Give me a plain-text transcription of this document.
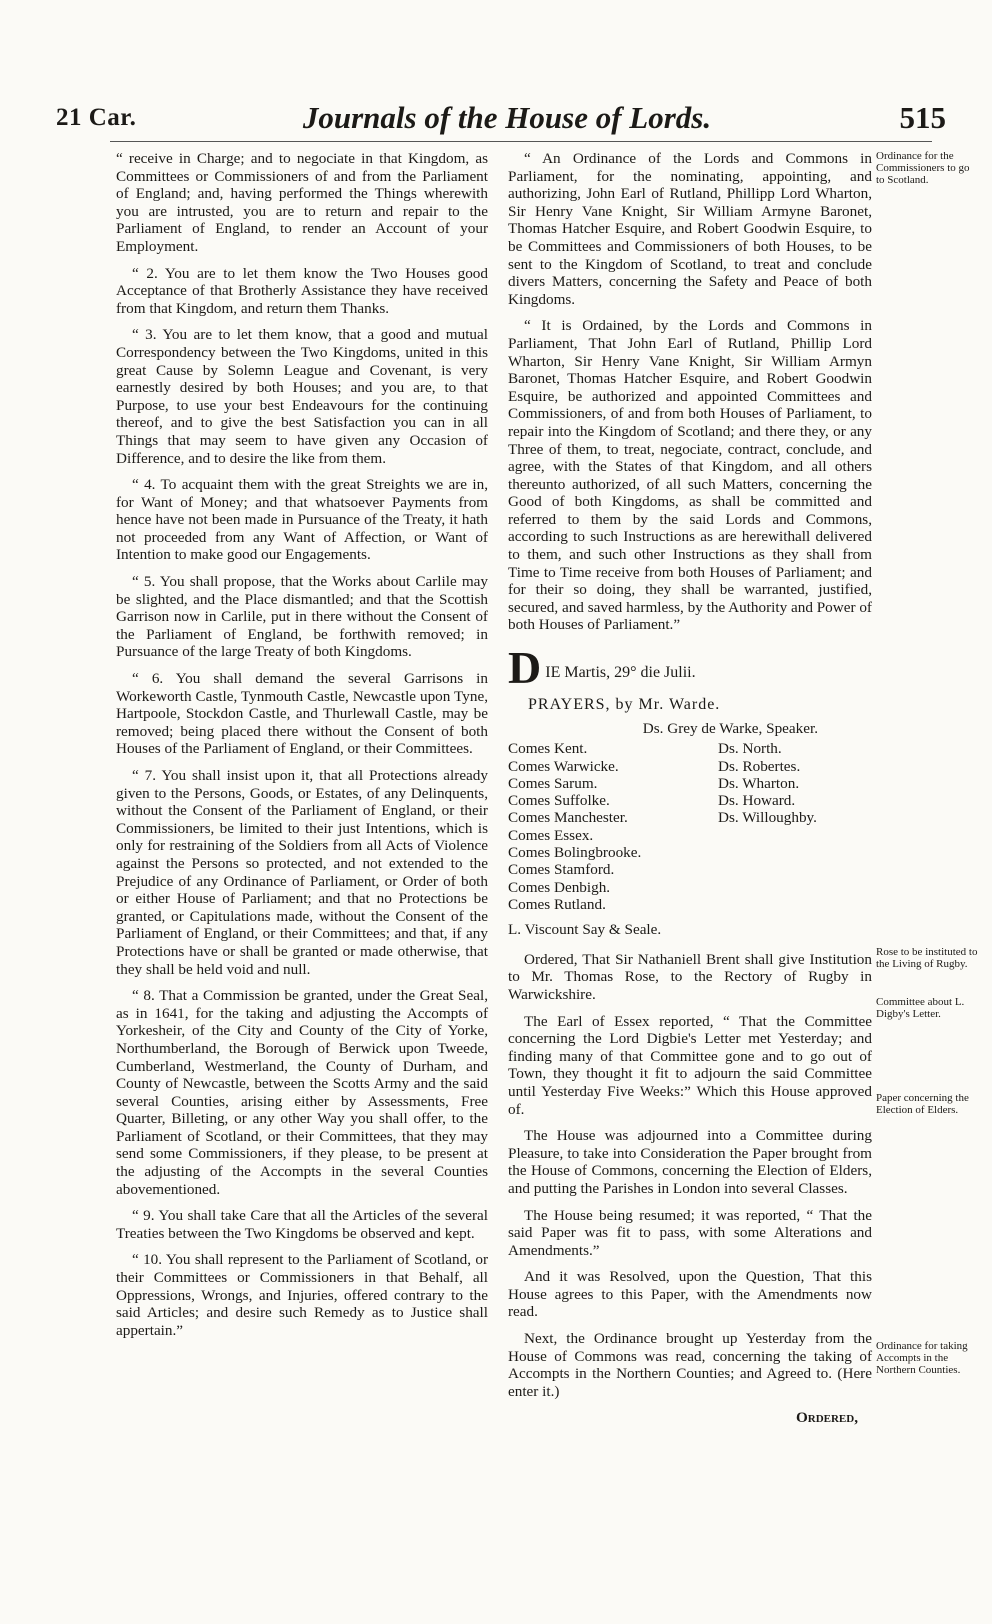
21 Car.	Journals of the House of Lords.	515

“ receive in Charge; and to negociate in that Kingdom, as Committees or Commissioners of and from the Parliament of England; and, having performed the Things wherewith you are intrusted, you are to return and repair to the Parliament of England, to render an Account of your Employment.

“ 2. You are to let them know the Two Houses good Acceptance of that Brotherly Assistance they have received from that Kingdom, and return them Thanks.

“ 3. You are to let them know, that a good and mutual Correspondency between the Two Kingdoms, united in this great Cause by Solemn League and Covenant, is very earnestly desired by both Houses; and you are, to that Purpose, to use your best Endeavours for the continuing thereof, and to give the best Satisfaction you can in all Things that may seem to have given any Occasion of Difference, and to desire the like from them.

“ 4. To acquaint them with the great Streights we are in, for Want of Money; and that whatsoever Payments from hence have not been made in Pursuance of the Treaty, it hath not proceeded from any Want of Affection, or Want of Intention to make good our Engagements.

“ 5. You shall propose, that the Works about Carlile may be slighted, and the Place dismantled; and that the Scottish Garrison now in Carlile, put in there without the Consent of the Parliament of England, be forthwith removed; in Pursuance of the large Treaty of both Kingdoms.

“ 6. You shall demand the several Garrisons in Workeworth Castle, Tynmouth Castle, Newcastle upon Tyne, Hartpoole, Stockdon Castle, and Thurlewall Castle, may be removed; being placed there without the Consent of both Houses of the Parliament of England, or their Committees.

“ 7. You shall insist upon it, that all Protections already given to the Persons, Goods, or Estates, of any Delinquents, without the Consent of the Parliament of England, or their Commissioners, be limited to their just Intentions, which is only for restraining of the Soldiers from all Acts of Violence against the Persons so protected, and not extended to the Prejudice of any Ordinance of Parliament, or Order of both or either House of Parliament; and that no Protections be granted, or Capitulations made, without the Consent of the Parliament of England, or their Committees; and that, if any Protections have or shall be granted or made otherwise, that they shall be held void and null.

“ 8. That a Commission be granted, under the Great Seal, as in 1641, for the taking and adjusting the Accompts of Yorkesheir, of the City and County of the City of Yorke, Northumberland, the Borough of Berwick upon Tweede, Cumberland, Westmerland, the County of Durham, and County of Newcastle, between the Scotts Army and the said several Counties, arising either by Assessments, Free Quarter, Billeting, or any other Way you shall offer, to the Parliament of Scotland, or their Committees, that they may send some Commissioners, if they please, to be present at the adjusting of the Accompts in the several Counties abovementioned.

“ 9. You shall take Care that all the Articles of the several Treaties between the Two Kingdoms be observed and kept.

“ 10. You shall represent to the Parliament of Scotland, or their Committees or Commissioners in that Behalf, all Oppressions, Wrongs, and Injuries, offered contrary to the said Articles; and desire such Remedy as to Justice shall appertain.”

“ An Ordinance of the Lords and Commons in Parliament, for the nominating, appointing, and authorizing, John Earl of Rutland, Phillipp Lord Wharton, Sir Henry Vane Knight, Sir William Armyne Baronet, Thomas Hatcher Esquire, and Robert Goodwin Esquire, to be Committees and Commissioners of both Houses, to be sent to the Kingdom of Scotland, to treat and conclude divers Matters, concerning the Safety and Peace of both Kingdoms.

“ It is Ordained, by the Lords and Commons in Parliament, That John Earl of Rutland, Phillip Lord Wharton, Sir Henry Vane Knight, Sir William Armyn Baronet, Thomas Hatcher Esquire, and Robert Goodwin Esquire, be authorized and appointed Committees and Commissioners, of and from both Houses of Parliament, to repair into the Kingdom of Scotland; and there they, or any Three of them, to treat, negociate, contract, conclude, and agree, with the States of that Kingdom, and all others thereunto authorized, of all such Matters, concerning the Good of both Kingdoms, as shall be committed and referred to them by the said Lords and Commons, according to such Instructions as are herewithall delivered to them, and such other Instructions as they shall from Time to Time receive from both Houses of Parliament; and for their so doing, they shall be warranted, justified, secured, and saved harmless, by the Authority and Power of both Houses of Parliament.”

D IE Martis, 29° die Julii.
PRAYERS, by Mr. Warde.
Ds. Grey de Warke, Speaker.
Comes Kent.
Comes Warwicke.
Comes Sarum.
Comes Suffolke.
Comes Manchester.
Comes Essex.
Comes Bolingbrooke.
Comes Stamford.
Comes Denbigh.
Comes Rutland.
Ds. North.
Ds. Robertes.
Ds. Wharton.
Ds. Howard.
Ds. Willoughby.
L. Viscount Say & Seale.

Ordered, That Sir Nathaniell Brent shall give Institution to Mr. Thomas Rose, to the Rectory of Rugby in Warwickshire.

The Earl of Essex reported, “ That the Committee concerning the Lord Digbie's Letter met Yesterday; and finding many of that Committee gone and to go out of Town, they thought it fit to adjourn the said Committee until Yesterday Five Weeks:” Which this House approved of.

The House was adjourned into a Committee during Pleasure, to take into Consideration the Paper brought from the House of Commons, concerning the Election of Elders, and putting the Parishes in London into several Classes.

The House being resumed; it was reported, “ That the said Paper was fit to pass, with some Alterations and Amendments.”

And it was Resolved, upon the Question, That this House agrees to this Paper, with the Amendments now read.

Next, the Ordinance brought up Yesterday from the House of Commons was read, concerning the taking of Accompts in the Northern Counties; and Agreed to. (Here enter it.)

Ordered,
Ordinance for the Commissioners to go to Scotland.
Rose to be instituted to the Living of Rugby.
Committee about L. Digby's Letter.
Paper concerning the Election of Elders.
Ordinance for taking Accompts in the Northern Counties.
